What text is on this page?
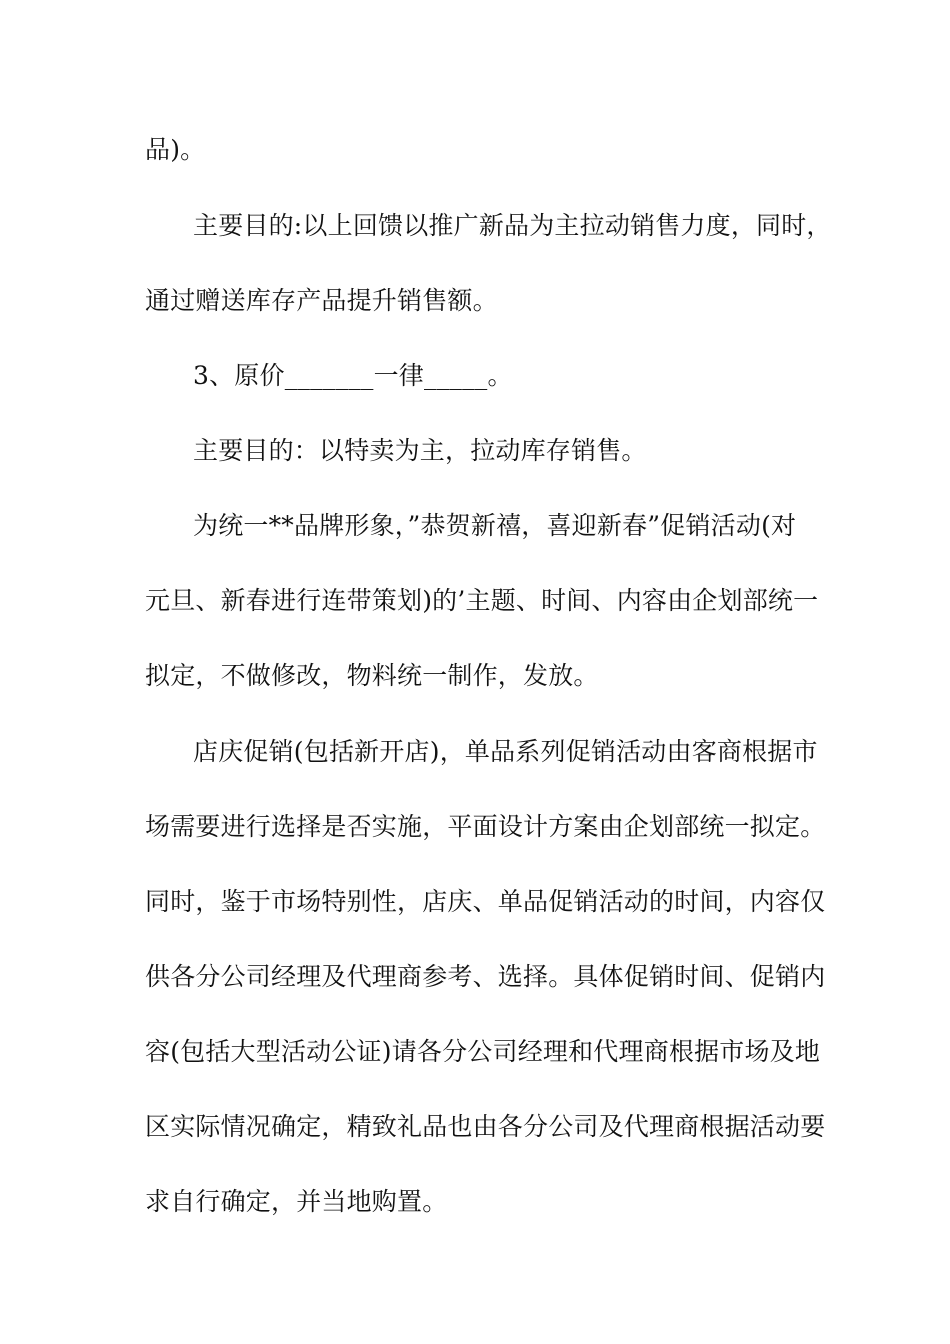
品)。
主要目的:以上回馈以推广新品为主拉动销售力度，同时，
通过赠送库存产品提升销售额。
3、原价_______一律_____。
主要目的：以特卖为主，拉动库存销售。
为统一**品牌形象，”恭贺新禧，喜迎新春”促销活动(对
元旦、新春进行连带策划)的’主题、时间、内容由企划部统一
拟定，不做修改，物料统一制作，发放。
店庆促销(包括新开店)，单品系列促销活动由客商根据市
场需要进行选择是否实施，平面设计方案由企划部统一拟定。
同时，鉴于市场特别性，店庆、单品促销活动的时间，内容仅
供各分公司经理及代理商参考、选择。具体促销时间、促销内
容(包括大型活动公证)请各分公司经理和代理商根据市场及地
区实际情况确定，精致礼品也由各分公司及代理商根据活动要
求自行确定，并当地购置。
